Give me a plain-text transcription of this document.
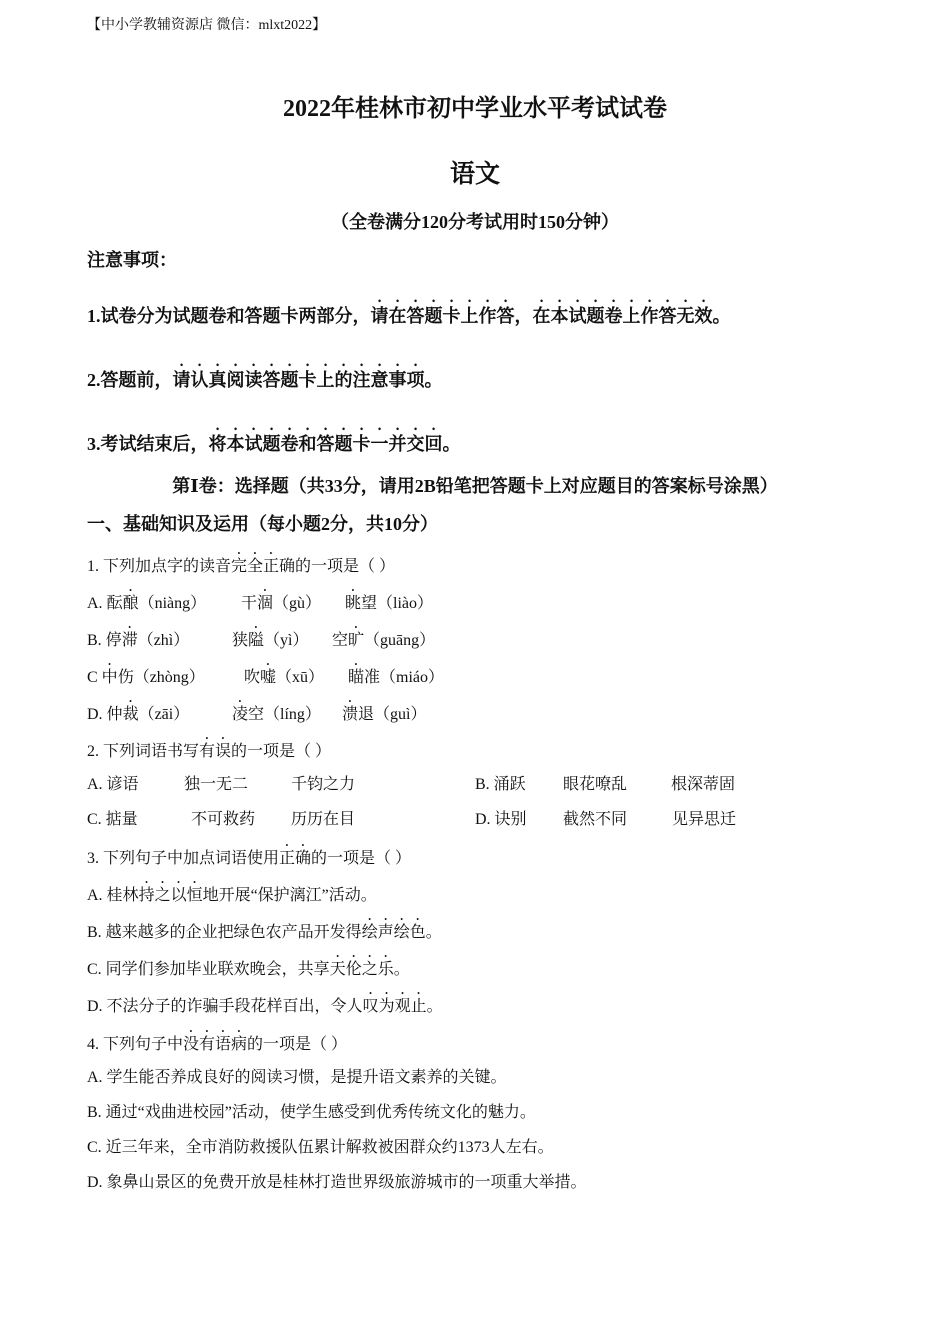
【中小学教辅资源店 微信：mlxt2022】
2022年桂林市初中学业水平考试试卷
语文
（全卷满分120分考试用时150分钟）
注意事项：
1.试卷分为试题卷和答题卡两部分，请在答题卡上作答，在本试题卷上作答无效。
2.答题前，请认真阅读答题卡上的注意事项。
3.考试结束后，将本试题卷和答题卡一并交回。
第Ⅰ卷：选择题（共33分，请用2B铅笔把答题卡上对应题目的答案标号涂黑）
一、基础知识及运用（每小题2分，共10分）
1. 下列加点字的读音完全正确的一项是（ ）
A. 酝酿（niàng） 干涸（gù） 眺望（liào）
B. 停滞（zhì）	狭隘（yì） 空旷（guāng）
C 中伤（zhòng） 吹嘘（xū） 瞄准（miáo）
D. 仲裁（zāi）	凌空（líng） 溃退（guì）
2. 下列词语书写有误的一项是（ ）
A. 谚语	独一无二	千钧之力	B. 涌跃 眼花嘹乱	根深蒂固
C. 掂量	不可救药 历历在目	D. 诀别 截然不同	见异思迁
3. 下列句子中加点词语使用正确的一项是（ ）
A. 桂林持之以恒地开展“保护漓江”活动。
B. 越来越多的企业把绿色农产品开发得绘声绘色。
C. 同学们参加毕业联欢晚会，共享天伦之乐。
D. 不法分子的诈骗手段花样百出，令人叹为观止。
4. 下列句子中没有语病的一项是（ ）
A. 学生能否养成良好的阅读习惯，是提升语文素养的关键。
B. 通过“戏曲进校园”活动，使学生感受到优秀传统文化的魅力。
C. 近三年来，全市消防救援队伍累计解救被困群众约1373人左右。
D. 象鼻山景区的免费开放是桂林打造世界级旅游城市的一项重大举措。
